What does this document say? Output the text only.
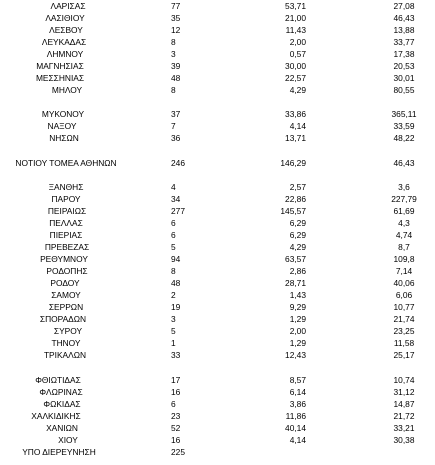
ΛΑΡΙΣΑΣ	77	53,71	27,08
ΛΑΣΙΘΙΟΥ	35	21,00	46,43
ΛΕΣΒΟΥ	12	11,43	13,88
ΛΕΥΚΑΔΑΣ	8	2,00	33,77
ΛΗΜΝΟΥ	3	0,57	17,38
ΜΑΓΝΗΣΙΑΣ	39	30,00	20,53
ΜΕΣΣΗΝΙΑΣ	48	22,57	30,01
ΜΗΛΟΥ	8	4,29	80,55
ΜΥΚΟΝΟΥ	37	33,86	365,11
ΝΑΞΟΥ	7	4,14	33,59
ΝΗΣΩΝ	36	13,71	48,22
ΝΟΤΙΟΥ ΤΟΜΕΑ ΑΘΗΝΩΝ	246	146,29	46,43
ΞΑΝΘΗΣ	4	2,57	3,6
ΠΑΡΟΥ	34	22,86	227,79
ΠΕΙΡΑΙΩΣ	277	145,57	61,69
ΠΕΛΛΑΣ	6	6,29	4,3
ΠΙΕΡΙΑΣ	6	6,29	4,74
ΠΡΕΒΕΖΑΣ	5	4,29	8,7
ΡΕΘΥΜΝΟΥ	94	63,57	109,8
ΡΟΔΟΠΗΣ	8	2,86	7,14
ΡΟΔΟΥ	48	28,71	40,06
ΣΑΜΟΥ	2	1,43	6,06
ΣΕΡΡΩΝ	19	9,29	10,77
ΣΠΟΡΑΔΩΝ	3	1,29	21,74
ΣΥΡΟΥ	5	2,00	23,25
ΤΗΝΟΥ	1	1,29	11,58
ΤΡΙΚΑΛΩΝ	33	12,43	25,17
ΦΘΙΩΤΙΔΑΣ	17	8,57	10,74
ΦΛΩΡΙΝΑΣ	16	6,14	31,12
ΦΩΚΙΔΑΣ	6	3,86	14,87
ΧΑΛΚΙΔΙΚΗΣ	23	11,86	21,72
ΧΑΝΙΩΝ	52	40,14	33,21
ΧΙΟΥ	16	4,14	30,38
ΥΠΟ ΔΙΕΡΕΥΝΗΣΗ	225
